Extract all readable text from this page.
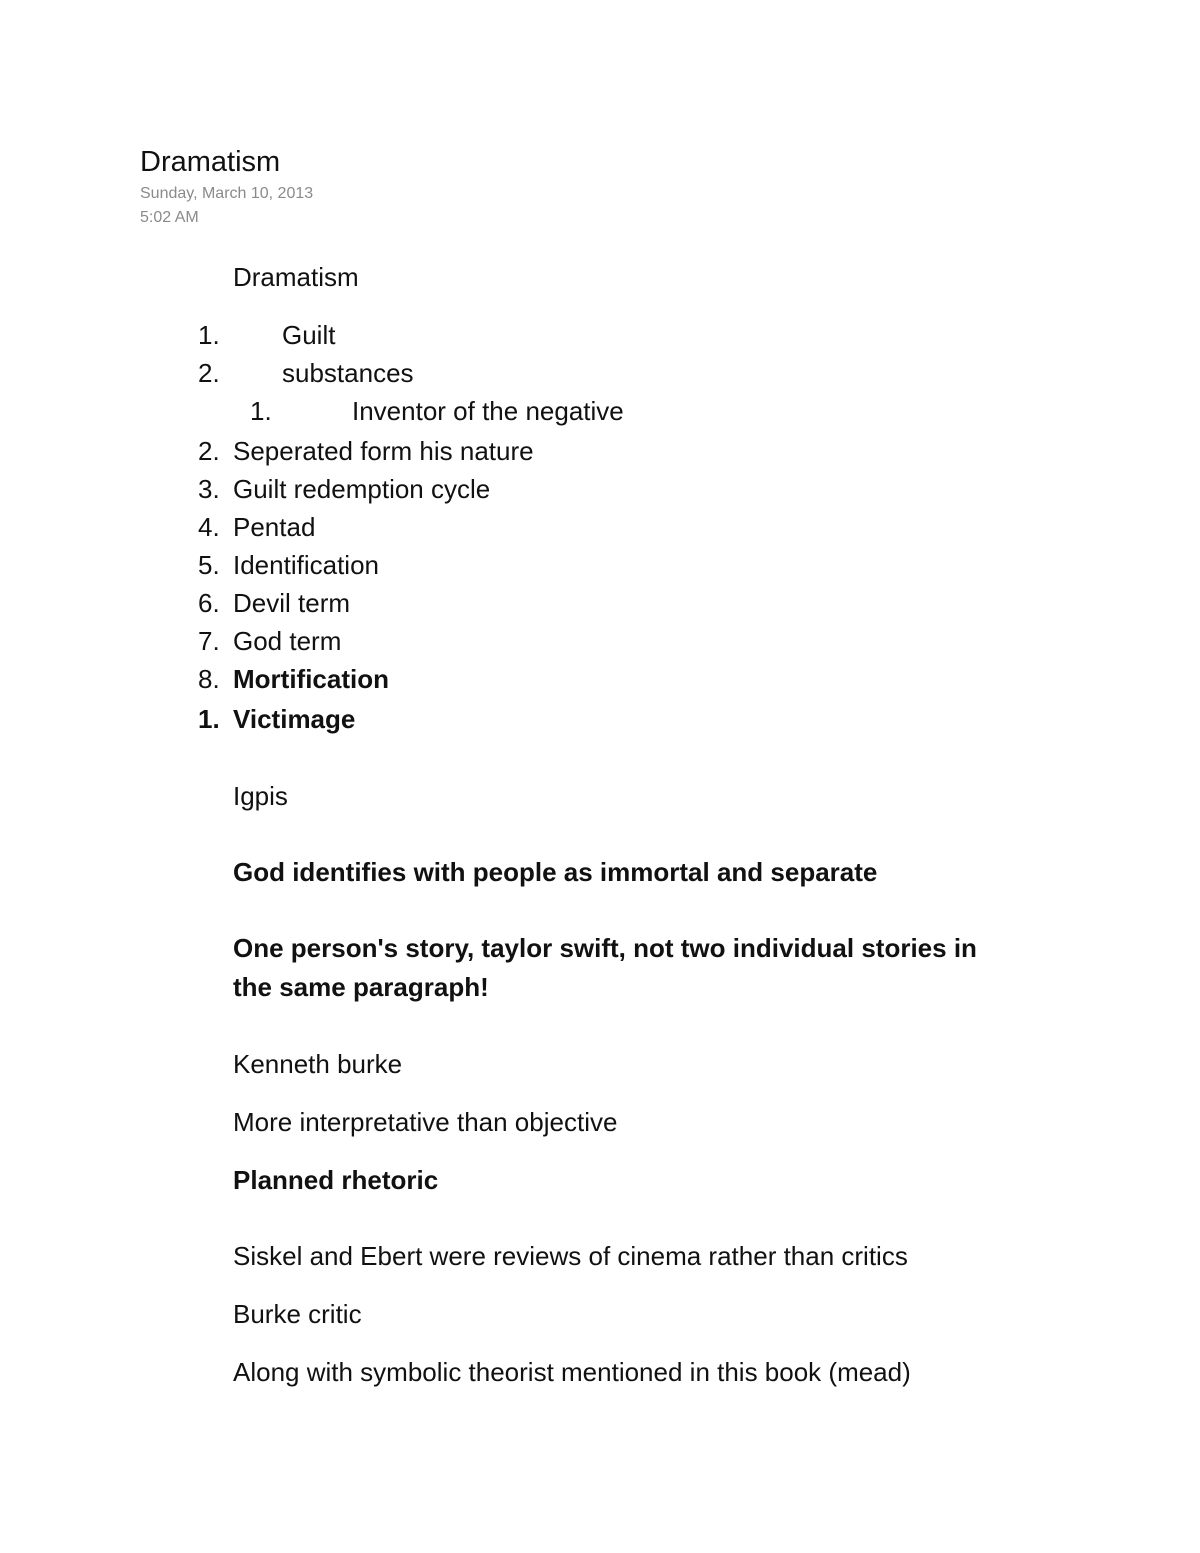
Dramatism
Sunday, March 10, 2013
5:02 AM
Dramatism
1. Guilt
2. substances
1.	Inventor of the negative
2. Seperated form his nature
3. Guilt redemption cycle
4. Pentad
5. Identification
6. Devil term
7. God term
8. Mortification
1. Victimage
Igpis
God identifies with people as immortal and separate
One person's story, taylor swift, not two individual stories in
the same paragraph!
Kenneth burke
More interpretative than objective
Planned rhetoric
Siskel and Ebert were reviews of cinema rather than critics
Burke critic
Along with symbolic theorist mentioned in this book (mead)
